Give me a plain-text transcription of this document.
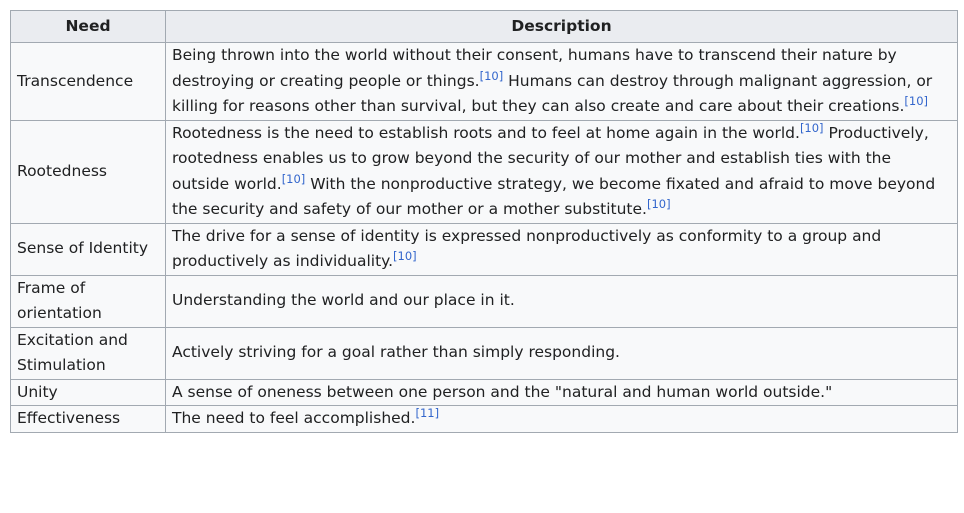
Need	Description
Transcendence	Being thrown into the world without their consent, humans have to transcend their nature by destroying or creating people or things.[10] Humans can destroy through malignant aggression, or killing for reasons other than survival, but they can also create and care about their creations.[10]
Rootedness	Rootedness is the need to establish roots and to feel at home again in the world.[10] Productively, rootedness enables us to grow beyond the security of our mother and establish ties with the outside world.[10] With the nonproductive strategy, we become fixated and afraid to move beyond the security and safety of our mother or a mother substitute.[10]
Sense of Identity	The drive for a sense of identity is expressed nonproductively as conformity to a group and productively as individuality.[10]
Frame of orientation	Understanding the world and our place in it.
Excitation and Stimulation	Actively striving for a goal rather than simply responding.
Unity	A sense of oneness between one person and the "natural and human world outside."
Effectiveness	The need to feel accomplished.[11]
